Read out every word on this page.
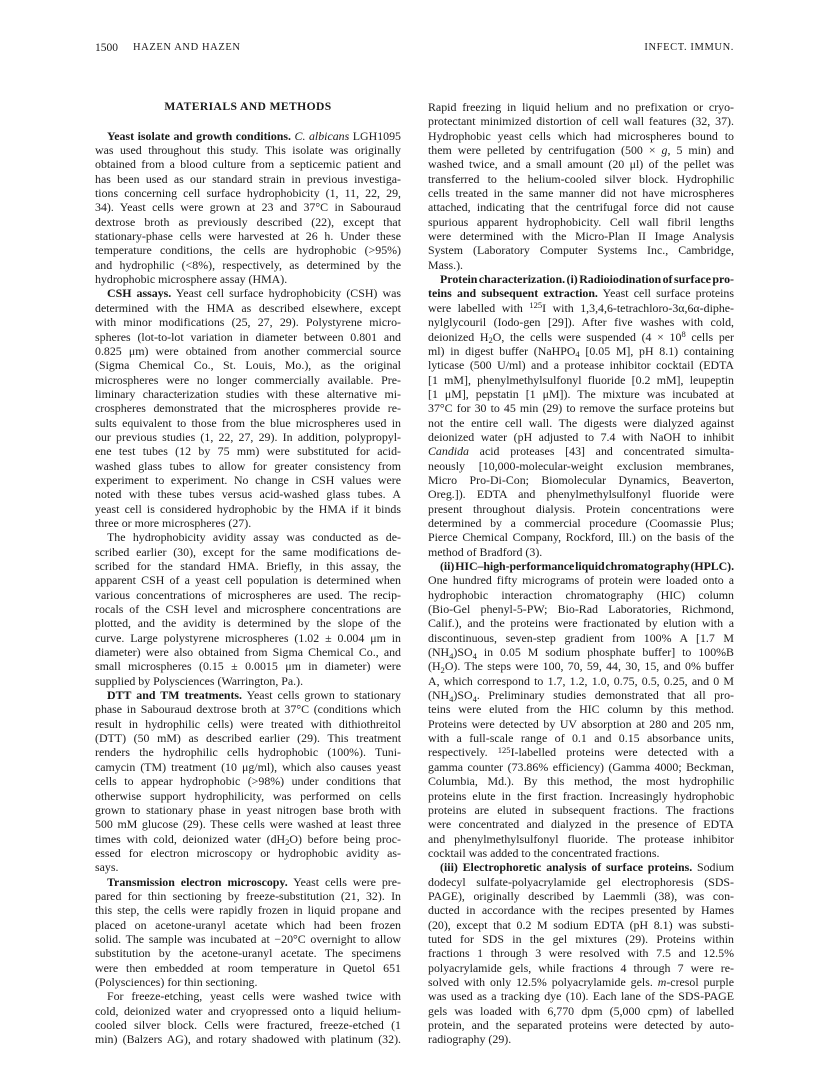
1500 HAZEN AND HAZEN	INFECT. IMMUN.
MATERIALS AND METHODS
Yeast isolate and growth conditions. C. albicans LGH1095
was used throughout this study. This isolate was originally
obtained from a blood culture from a septicemic patient and
has been used as our standard strain in previous investiga-
tions concerning cell surface hydrophobicity (1, 11, 22, 29,
34). Yeast cells were grown at 23 and 37°C in Sabouraud
dextrose broth as previously described (22), except that
stationary-phase cells were harvested at 26 h. Under these
temperature conditions, the cells are hydrophobic (>95%)
and hydrophilic (<8%), respectively, as determined by the
hydrophobic microsphere assay (HMA).
CSH assays. Yeast cell surface hydrophobicity (CSH) was
determined with the HMA as described elsewhere, except
with minor modifications (25, 27, 29). Polystyrene micro-
spheres (lot-to-lot variation in diameter between 0.801 and
0.825 μm) were obtained from another commercial source
(Sigma Chemical Co., St. Louis, Mo.), as the original
microspheres were no longer commercially available. Pre-
liminary characterization studies with these alternative mi-
crospheres demonstrated that the microspheres provide re-
sults equivalent to those from the blue microspheres used in
our previous studies (1, 22, 27, 29). In addition, polypropyl-
ene test tubes (12 by 75 mm) were substituted for acid-
washed glass tubes to allow for greater consistency from
experiment to experiment. No change in CSH values were
noted with these tubes versus acid-washed glass tubes. A
yeast cell is considered hydrophobic by the HMA if it binds
three or more microspheres (27).
The hydrophobicity avidity assay was conducted as de-
scribed earlier (30), except for the same modifications de-
scribed for the standard HMA. Briefly, in this assay, the
apparent CSH of a yeast cell population is determined when
various concentrations of microspheres are used. The recip-
rocals of the CSH level and microsphere concentrations are
plotted, and the avidity is determined by the slope of the
curve. Large polystyrene microspheres (1.02 ± 0.004 μm in
diameter) were also obtained from Sigma Chemical Co., and
small microspheres (0.15 ± 0.0015 μm in diameter) were
supplied by Polysciences (Warrington, Pa.).
DTT and TM treatments. Yeast cells grown to stationary
phase in Sabouraud dextrose broth at 37°C (conditions which
result in hydrophilic cells) were treated with dithiothreitol
(DTT) (50 mM) as described earlier (29). This treatment
renders the hydrophilic cells hydrophobic (100%). Tuni-
camycin (TM) treatment (10 μg/ml), which also causes yeast
cells to appear hydrophobic (>98%) under conditions that
otherwise support hydrophilicity, was performed on cells
grown to stationary phase in yeast nitrogen base broth with
500 mM glucose (29). These cells were washed at least three
times with cold, deionized water $(dH_2O)$ before being proc-
essed for electron microscopy or hydrophobic avidity as-
says.
Transmission electron microscopy. Yeast cells were pre-
pared for thin sectioning by freeze-substitution (21, 32). In
this step, the cells were rapidly frozen in liquid propane and
placed on acetone-uranyl acetate which had been frozen
solid. The sample was incubated at −20°C overnight to allow
substitution by the acetone-uranyl acetate. The specimens
were then embedded at room temperature in Quetol 651
(Polysciences) for thin sectioning.
For freeze-etching, yeast cells were washed twice with
cold, deionized water and cryopressed onto a liquid helium-
cooled silver block. Cells were fractured, freeze-etched (1
min) (Balzers AG), and rotary shadowed with platinum (32).
Rapid freezing in liquid helium and no prefixation or cryo-
protectant minimized distortion of cell wall features (32, 37).
Hydrophobic yeast cells which had microspheres bound to
them were pelleted by centrifugation (500 × g, 5 min) and
washed twice, and a small amount (20 μl) of the pellet was
transferred to the helium-cooled silver block. Hydrophilic
cells treated in the same manner did not have microspheres
attached, indicating that the centrifugal force did not cause
spurious apparent hydrophobicity. Cell wall fibril lengths
were determined with the Micro-Plan II Image Analysis
System (Laboratory Computer Systems Inc., Cambridge,
Mass.).
Protein characterization. (i) Radioiodination of surface pro-
teins and subsequent extraction. Yeast cell surface proteins
were labelled with $^{125}$I with 1,3,4,6-tetrachloro-3α,6α-diphe-
nylglycouril (Iodo-gen [29]). After five washes with cold,
deionized $H_2O$, the cells were suspended ($4 \times 10^8$ cells per
ml) in digest buffer (NaHPO$_4$ [0.05 M], pH 8.1) containing
lyticase (500 U/ml) and a protease inhibitor cocktail (EDTA
[1 mM], phenylmethylsulfonyl fluoride [0.2 mM], leupeptin
[1 μM], pepstatin [1 μM]). The mixture was incubated at
37°C for 30 to 45 min (29) to remove the surface proteins but
not the entire cell wall. The digests were dialyzed against
deionized water (pH adjusted to 7.4 with NaOH to inhibit
Candida acid proteases [43] and concentrated simulta-
neously [10,000-molecular-weight exclusion membranes,
Micro Pro-Di-Con; Biomolecular Dynamics, Beaverton,
Oreg.]). EDTA and phenylmethylsulfonyl fluoride were
present throughout dialysis. Protein concentrations were
determined by a commercial procedure (Coomassie Plus;
Pierce Chemical Company, Rockford, Ill.) on the basis of the
method of Bradford (3).
(ii) HIC–high-performance liquid chromatography (HPLC).
One hundred fifty micrograms of protein were loaded onto a
hydrophobic interaction chromatography (HIC) column
(Bio-Gel phenyl-5-PW; Bio-Rad Laboratories, Richmond,
Calif.), and the proteins were fractionated by elution with a
discontinuous, seven-step gradient from 100% A [1.7 M
$(NH_4)SO_4$ in 0.05 M sodium phosphate buffer] to 100%B
$(H_2O)$. The steps were 100, 70, 59, 44, 30, 15, and 0% buffer
A, which correspond to 1.7, 1.2, 1.0, 0.75, 0.5, 0.25, and 0 M
$(NH_4)SO_4$. Preliminary studies demonstrated that all pro-
teins were eluted from the HIC column by this method.
Proteins were detected by UV absorption at 280 and 205 nm,
with a full-scale range of 0.1 and 0.15 absorbance units,
respectively. $^{125}$I-labelled proteins were detected with a
gamma counter (73.86% efficiency) (Gamma 4000; Beckman,
Columbia, Md.). By this method, the most hydrophilic
proteins elute in the first fraction. Increasingly hydrophobic
proteins are eluted in subsequent fractions. The fractions
were concentrated and dialyzed in the presence of EDTA
and phenylmethylsulfonyl fluoride. The protease inhibitor
cocktail was added to the concentrated fractions.
(iii) Electrophoretic analysis of surface proteins. Sodium
dodecyl sulfate-polyacrylamide gel electrophoresis (SDS-
PAGE), originally described by Laemmli (38), was con-
ducted in accordance with the recipes presented by Hames
(20), except that 0.2 M sodium EDTA (pH 8.1) was substi-
tuted for SDS in the gel mixtures (29). Proteins within
fractions 1 through 3 were resolved with 7.5 and 12.5%
polyacrylamide gels, while fractions 4 through 7 were re-
solved with only 12.5% polyacrylamide gels. m-cresol purple
was used as a tracking dye (10). Each lane of the SDS-PAGE
gels was loaded with 6,770 dpm (5,000 cpm) of labelled
protein, and the separated proteins were detected by auto-
radiography (29).
